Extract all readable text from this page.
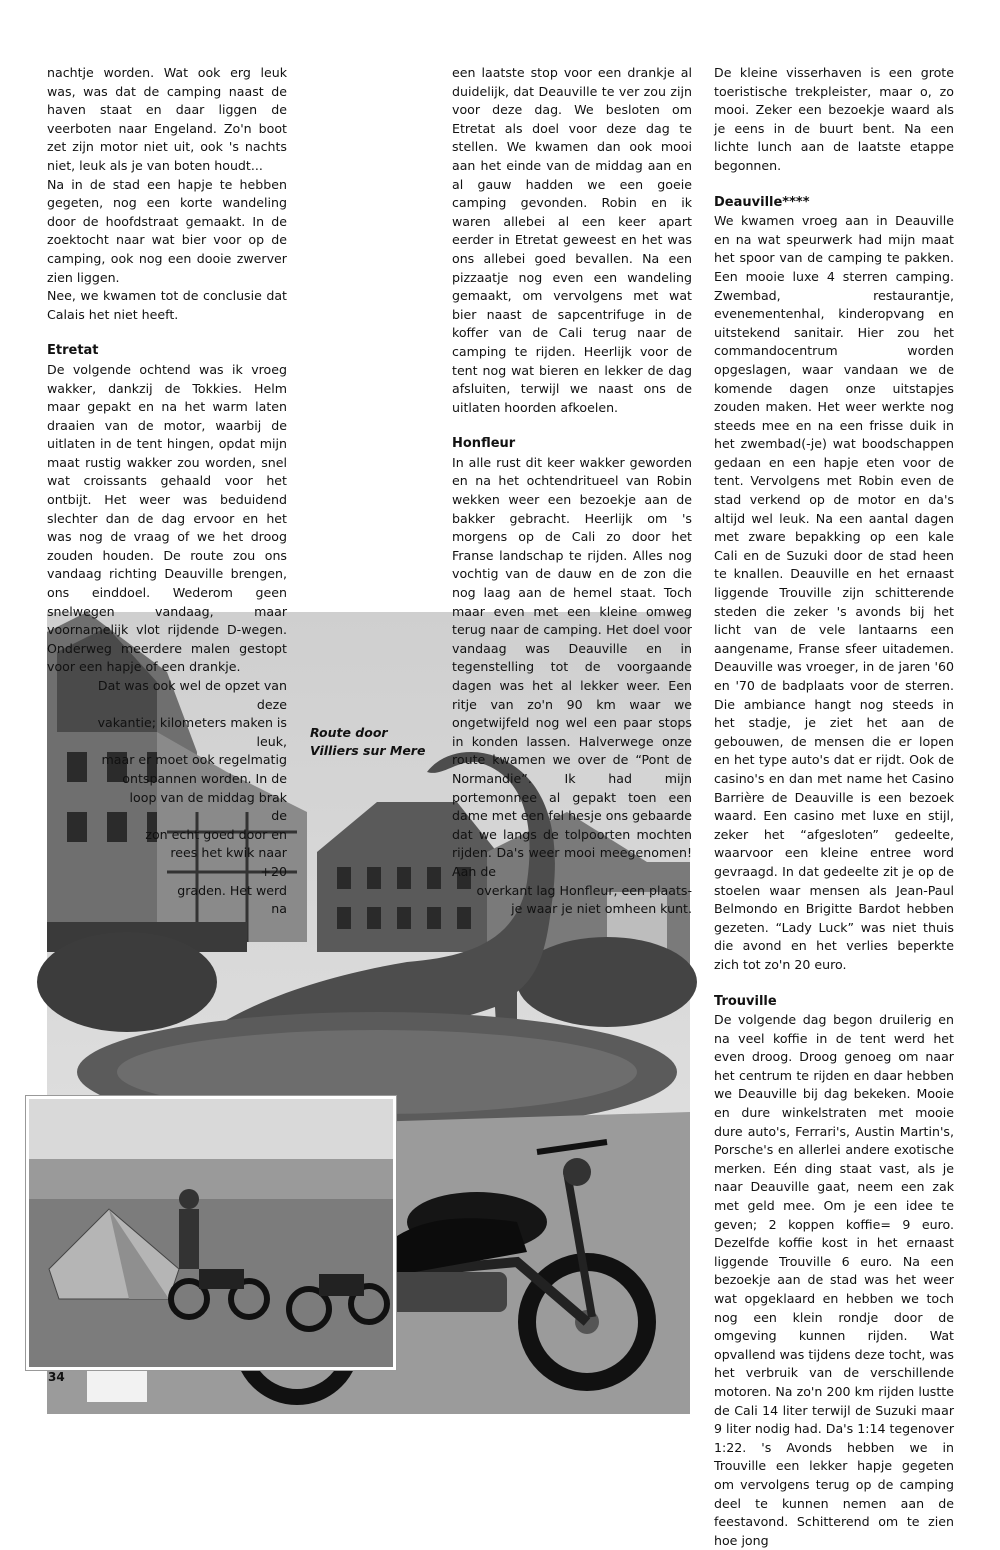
Route door
Villiers sur Mere

nachtje worden. Wat ook erg leuk was, was dat de camping naast de haven staat en daar liggen de veerboten naar Engeland. Zo'n boot zet zijn motor niet uit, ook 's nachts niet, leuk als je van boten houdt...

Na in de stad een hapje te hebben gegeten, nog een korte wandeling door de hoofdstraat gemaakt. In de zoektocht naar wat bier voor op de camping, ook nog een dooie zwerver zien liggen.

Nee, we kwamen tot de conclusie dat Calais het niet heeft.

Etretat

De volgende ochtend was ik vroeg wakker, dankzij de Tokkies. Helm maar gepakt en na het warm laten draaien van de motor, waarbij de uitlaten in de tent hingen, opdat mijn maat rustig wakker zou worden, snel wat croissants gehaald voor het ontbijt. Het weer was beduidend slechter dan de dag ervoor en het was nog de vraag of we het droog zouden houden. De route zou ons vandaag richting Deauville brengen, ons einddoel. Wederom geen snelwegen vandaag, maar voornamelijk vlot rijdende D-wegen. Onderweg meerdere malen gestopt voor een hapje of een drankje.

Dat was ook wel de opzet van deze

vakantie; kilometers maken is leuk,

maar er moet ook regelmatig

ontspannen worden. In de

loop van de middag brak de

zon echt goed door en

rees het kwik naar +20

graden. Het werd na

een laatste stop voor een drankje al duidelijk, dat Deauville te ver zou zijn voor deze dag. We besloten om Etretat als doel voor deze dag te stellen. We kwamen dan ook mooi aan het einde van de middag aan en al gauw hadden we een goeie camping gevonden. Robin en ik waren allebei al een keer apart eerder in Etretat geweest en het was ons allebei goed bevallen. Na een pizzaatje nog even een wandeling gemaakt, om vervolgens met wat bier naast de sapcentrifuge in de koffer van de Cali terug naar de camping te rijden. Heerlijk voor de tent nog wat bieren en lekker de dag afsluiten, terwijl we naast ons de uitlaten hoorden afkoelen.

Honfleur

In alle rust dit keer wakker geworden en na het ochtendritueel van Robin wekken weer een bezoekje aan de bakker gebracht. Heerlijk om 's morgens op de Cali zo door het Franse landschap te rijden. Alles nog vochtig van de dauw en de zon die nog laag aan de hemel staat. Toch maar even met een kleine omweg terug naar de camping. Het doel voor vandaag was Deauville en in tegenstelling tot de voorgaande dagen was het al lekker weer. Een ritje van zo'n 90 km waar we ongetwijfeld nog wel een paar stops in konden lassen. Halverwege onze route kwamen we over de “Pont de Normandie”. Ik had mijn portemonnee al gepakt toen een dame met een fel hesje ons gebaarde dat we langs de tolpoorten mochten rijden. Da's weer mooi meegenomen! Aan de

overkant lag Honfleur, een plaats-

je waar je niet omheen kunt.

De kleine visserhaven is een grote toeristische trekpleister, maar o, zo mooi. Zeker een bezoekje waard als je eens in de buurt bent. Na een lichte lunch aan de laatste etappe begonnen.

Deauville****

We kwamen vroeg aan in Deauville en na wat speurwerk had mijn maat het spoor van de camping te pakken. Een mooie luxe 4 sterren camping. Zwembad, restaurantje, evenementenhal, kinderopvang en uitstekend sanitair. Hier zou het commandocentrum worden opgeslagen, waar vandaan we de komende dagen onze uitstapjes zouden maken. Het weer werkte nog steeds mee en na een frisse duik in het zwembad(-je) wat boodschappen gedaan en een hapje eten voor de tent. Vervolgens met Robin even de stad verkend op de motor en da's altijd wel leuk. Na een aantal dagen met zware bepakking op een kale Cali en de Suzuki door de stad heen te knallen. Deauville en het ernaast liggende Trouville zijn schitterende steden die zeker 's avonds bij het licht van de vele lantaarns een aangename, Franse sfeer uitademen. Deauville was vroeger, in de jaren '60 en '70 de badplaats voor de sterren. Die ambiance hangt nog steeds in het stadje, je ziet het aan de gebouwen, de mensen die er lopen en het type auto's dat er rijdt. Ook de casino's en dan met name het Casino Barrière de Deauville is een bezoek waard. Een casino met luxe en stijl, zeker het “afgesloten” gedeelte, waarvoor een kleine entree word gevraagd. In dat gedeelte zit je op de stoelen waar mensen als Jean-Paul Belmondo en Brigitte Bardot hebben gezeten. “Lady Luck” was niet thuis die avond en het verlies beperkte zich tot zo'n 20 euro.

Trouville

De volgende dag begon druilerig en na veel koffie in de tent werd het even droog. Droog genoeg om naar het centrum te rijden en daar hebben we Deauville bij dag bekeken. Mooie en dure winkelstraten met mooie dure auto's, Ferrari's, Austin Martin's, Porsche's en allerlei andere exotische merken. Eén ding staat vast, als je naar Deauville gaat, neem een zak met geld mee. Om je een idee te geven; 2 koppen koffie= 9 euro. Dezelfde koffie kost in het ernaast liggende Trouville 6 euro. Na een bezoekje aan de stad was het weer wat opgeklaard en hebben we toch nog een klein rondje door de omgeving kunnen rijden. Wat opvallend was tijdens deze tocht, was het verbruik van de verschillende motoren. Na zo'n 200 km rijden lustte de Cali 14 liter terwijl de Suzuki maar 9 liter nodig had. Da's 1:14 tegenover 1:22. 's Avonds hebben we in Trouville een lekker hapje gegeten om vervolgens terug op de camping deel te kunnen nemen aan de feestavond. Schitterend om te zien hoe jong

34
